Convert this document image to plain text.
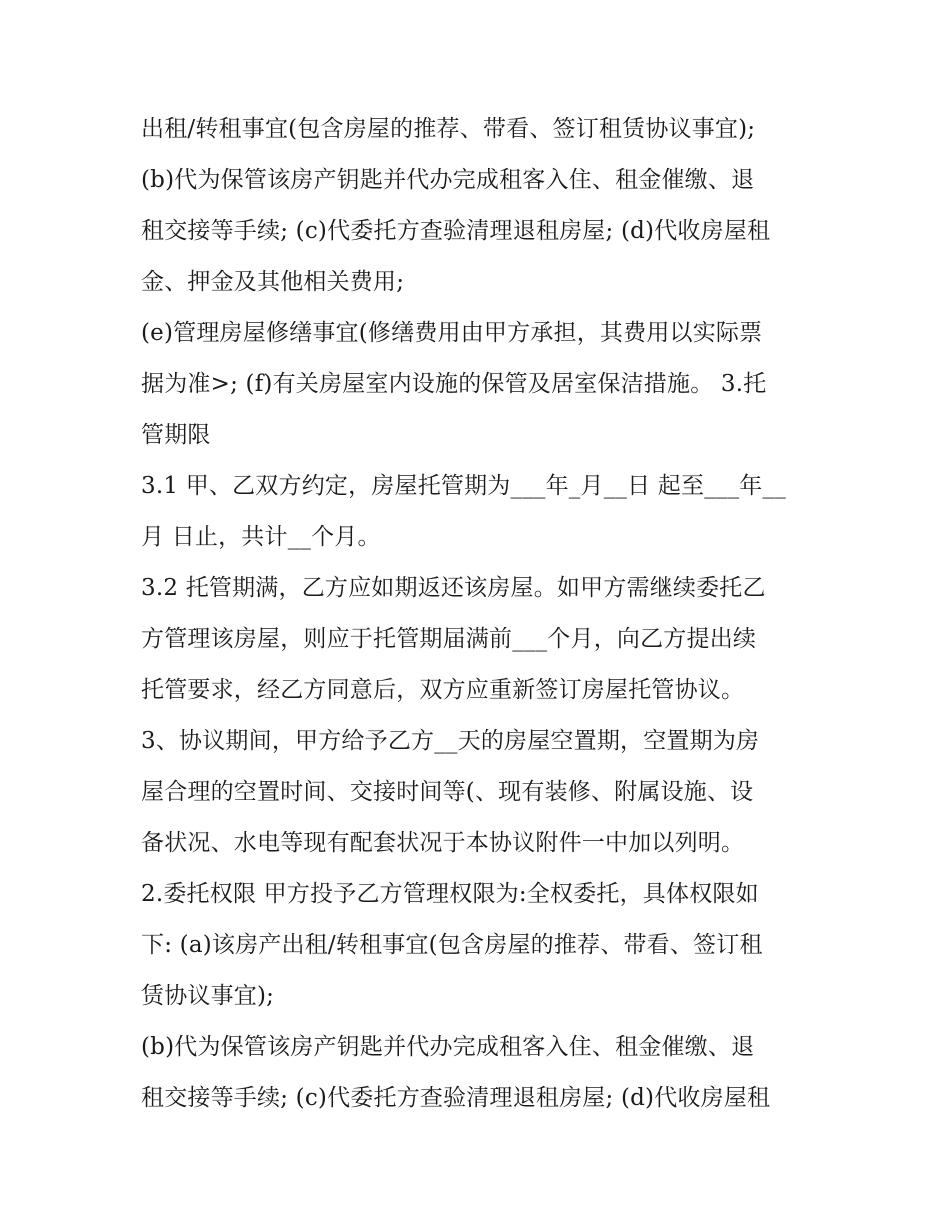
出租/转租事宜(包含房屋的推荐、带看、签订租赁协议事宜);
(b)代为保管该房产钥匙并代办完成租客入住、租金催缴、退
租交接等手续; (c)代委托方查验清理退租房屋; (d)代收房屋租
金、押金及其他相关费用;
(e)管理房屋修缮事宜(修缮费用由甲方承担，其费用以实际票
据为准>; (f)有关房屋室内设施的保管及居室保洁措施。 3.托
管期限
3.1 甲、乙双方约定，房屋托管期为___年_月__日 起至___年__
月 日止，共计__个月。
3.2 托管期满，乙方应如期返还该房屋。如甲方需继续委托乙
方管理该房屋，则应于托管期届满前___个月，向乙方提出续
托管要求，经乙方同意后，双方应重新签订房屋托管协议。
3、协议期间，甲方给予乙方__天的房屋空置期，空置期为房
屋合理的空置时间、交接时间等(、现有装修、附属设施、设
备状况、水电等现有配套状况于本协议附件一中加以列明。
2.委托权限 甲方投予乙方管理权限为:全权委托，具体权限如
下: (a)该房产出租/转租事宜(包含房屋的推荐、带看、签订租
赁协议事宜);
(b)代为保管该房产钥匙并代办完成租客入住、租金催缴、退
租交接等手续; (c)代委托方查验清理退租房屋; (d)代收房屋租
